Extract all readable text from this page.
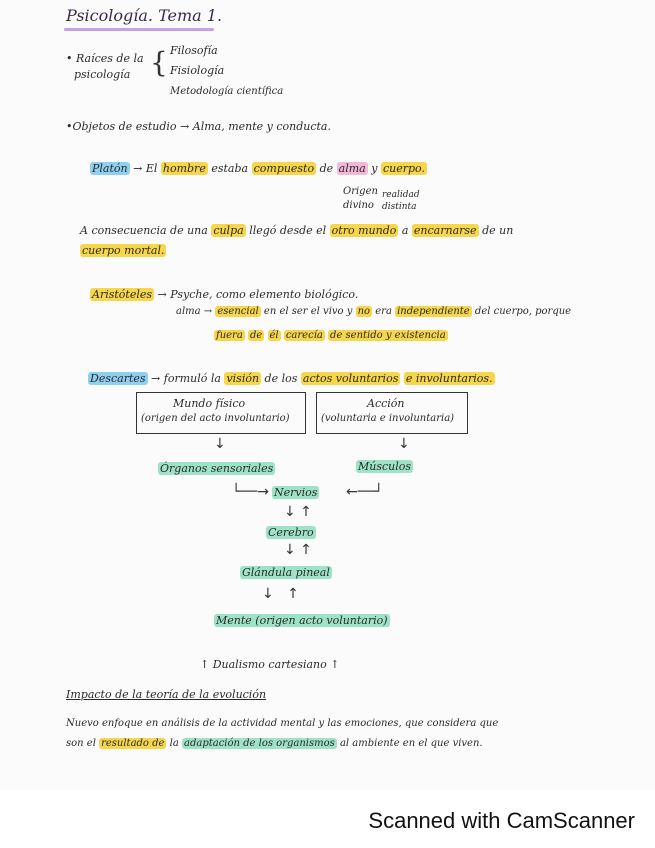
Psicología. Tema 1.
• Raíces de la
psicología { Filosofía
Fisiología
Metodología científica
•Objetos de estudio → Alma, mente y conducta.
Platón → El hombre estaba compuesto de alma y cuerpo.
Origen
divino
realidad
distinta
A consecuencia de una culpa llegó desde el otro mundo a encarnarse de un
cuerpo mortal.
Aristóteles → Psyche, como elemento biológico.
alma → esencial en el ser el vivo y no era independiente del cuerpo, porque
fuera de él carecía de sentido y existencia
Descartes → formuló la visión de los actos voluntarios e involuntarios.
Mundo físico
(origen del acto involuntario)
Acción
(voluntaria e involuntaria)
↓	↓
Órganos sensoriales	Músculos
└──→ Nervios ←──┘
↓ ↑
Cerebro
↓ ↑
Glándula pineal
↓   ↑
Mente (origen acto voluntario)
↑ Dualismo cartesiano ↑
Impacto de la teoría de la evolución
Nuevo enfoque en análisis de la actividad mental y las emociones, que considera que
son el resultado de la adaptación de los organismos al ambiente en el que viven.
Scanned with CamScanner
